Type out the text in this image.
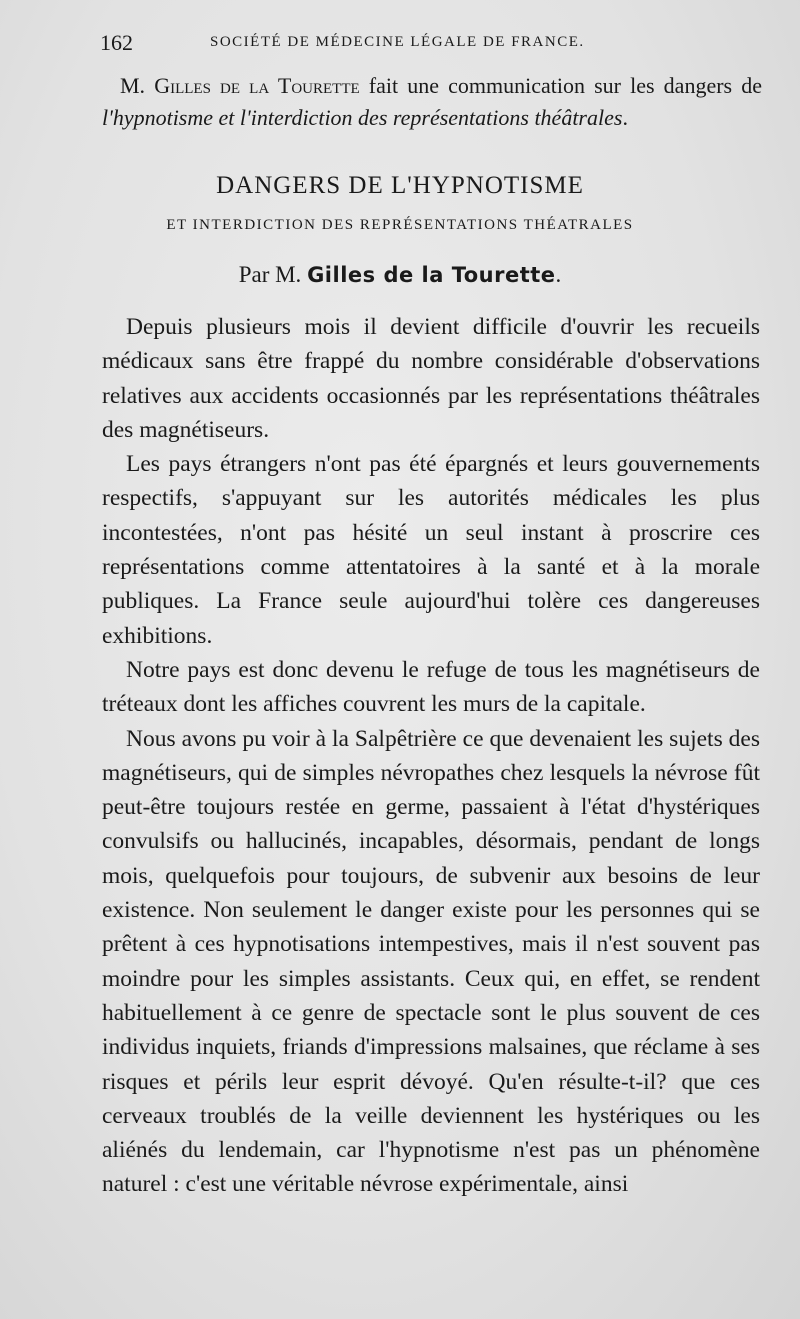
162	SOCIÉTÉ DE MÉDECINE LÉGALE DE FRANCE.
M. Gilles de la Tourette fait une communication sur les dangers de l'hypnotisme et l'interdiction des représentations théâtrales.
DANGERS DE L'HYPNOTISME
ET INTERDICTION DES REPRÉSENTATIONS THÉATRALES
Par M. Gilles de la Tourette.

Depuis plusieurs mois il devient difficile d'ouvrir les recueils médicaux sans être frappé du nombre considérable d'observations relatives aux accidents occasionnés par les représentations théâtrales des magnétiseurs.

Les pays étrangers n'ont pas été épargnés et leurs gouvernements respectifs, s'appuyant sur les autorités médicales les plus incontestées, n'ont pas hésité un seul instant à proscrire ces représentations comme attentatoires à la santé et à la morale publiques. La France seule aujourd'hui tolère ces dangereuses exhibitions.

Notre pays est donc devenu le refuge de tous les magnétiseurs de tréteaux dont les affiches couvrent les murs de la capitale.

Nous avons pu voir à la Salpêtrière ce que devenaient les sujets des magnétiseurs, qui de simples névropathes chez lesquels la névrose fût peut-être toujours restée en germe, passaient à l'état d'hystériques convulsifs ou hallucinés, incapables, désormais, pendant de longs mois, quelquefois pour toujours, de subvenir aux besoins de leur existence. Non seulement le danger existe pour les personnes qui se prêtent à ces hypnotisations intempestives, mais il n'est souvent pas moindre pour les simples assistants. Ceux qui, en effet, se rendent habituellement à ce genre de spectacle sont le plus souvent de ces individus inquiets, friands d'impressions malsaines, que réclame à ses risques et périls leur esprit dévoyé. Qu'en résulte-t-il? que ces cerveaux troublés de la veille deviennent les hystériques ou les aliénés du lendemain, car l'hypnotisme n'est pas un phénomène naturel : c'est une véritable névrose expérimentale, ainsi
